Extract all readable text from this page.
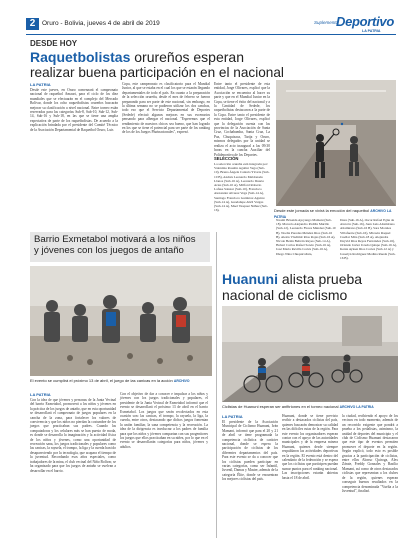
2	Oruro - Bolivia, jueves 4 de abril de 2019	Suplemento
Deportivo
LA PATRIA
DESDE HOY
Raquetbolistas orureños esperan
realizar buena participación en el nacional
LA PATRIA
Desde este jueves, en Oruro comenzará el campeonato nacional de raquetbol Amauri, para el ciclo de los diez mundiales que se efectuarán en el complejo del Mercado Bolívar, donde los ocho raquetbolistas orureños buscarán mejorar su clasificación a nivel nacional. Entre torneo están reservadas para las categorías Sub-8, Sub-10, Sub-12, Sub-14, Sub-16 y Sub-18, en las que se tiene una amplia expectativa de parte de los raquetbolistas. De acuerdo a la explicación brindada por el presidente del Comité Técnico de la Asociación Departamental de Raquetbol Oruro, Luis
Copa, este campeonato es clasificatorio para el Mundial Junior, al que se estaba en el cual los que se estarán llegando departamentales de todo el país. En cuanto a la preparación de la selección orureña, desde el mes de febrero se fueron preparando para ser parte de este nacional, sin embargo, en la última semana no se pudieron utilizar los dos canchas, todo eso que el Servicio Departamental de Deportes (Sedede) efectuó algunos mejoras en sus escenarios pensando para albergar el nacional. "Esperemos que el rendimiento de nuestros chicos sea bueno, que han logrado en los que se tiene el potencial para ser parte de los ranking de los de los Juegos Plurinacionales", expresó.
Entre tanto el presidente de esta entidad, Jorge Olivares, explicó que la Asociación se encuentra al hacer su parte y que en el Mundial Junior en la Copa, se tiene el éxito del nacional y a la Cantidad de Sedede, los raquetbolistas destacaron a la parte de la Copa. Entre tanto el presidente de esta entidad, Jorge Olivares, explicó que la delegación cuenta con las provincias de la Asociación de Santa Cruz, Cochabamba, Santa Cruz, La Paz, Chuquisaca, Tarija y Oruro, mismos delegados por la unidad se realiza el acto inaugural a las 09:30 horas en la cancha Auxiliar del Polideportivo de los Deportes.
Desde este jornada se vivirá la emoción del raquetbol ARCHIVO LA PATRIA
SELECCIÓN
La selección orureña está integrada por: Valentina Rosalín Aguilar Vega (Sub-10), Bruna Ángela Cantalo Ylcarte (Sub-10 B), Andrés Leonardo Maldonado Llanos (Sub-16 A), Leonardo Duarte Arias (Sub-10 A), Milford Roberto Lafuse Salazar (Sub-10), Francisco Alexander Alvarez Vega (Sub-14 A), Santiago Francisco Gutiérrez Aguirre (Sub-14 A), Guadalupe Abril Vargas (Sub-14 A), Mael Vasquez Núñez (Sub-16),
Naomí Briseida Ajoyango Mamani (Sub-18). Marcelo Alejandro Padilla Murillo (Sub-12), Leonardo Flores Méndez (Sub-10 B), Noelia Paredes Méndez Ríos (Sub-16 B), Alexis Vladimir Ríos Rojas (Sub-16 A), Nicole Belén Beltrán Reyes (Sub-14 A), Hebert Carlos Rafael Sotelo (Sub-16 A), José María Revilla Cortés (Sub-16 A), Diego Nina Chuquicallata,
Daza (Sub-16 A), Oscar Rafael Egüe de Alarcón (Sub-16), Juan Luis Altamirano Altamirano (Sub-16 B), Sara Morales Villafuerte (Sub-16), Micaela Raquel Cuellar Mira (Sub-18 A), Alejandra Dayvid Rios Reyes Fernández (Sub-16), Orlando Javier Uzeda Quispe (Sub-16 A), Kenia Ayleen Rios Cortez (Sub-12 A) y Josselyn Rodríguez Medina Rueda (Sub-16 B).
Barrio Exmetabol motivará a los niños
y jóvenes con los juegos de antaño
El evento se cumplirá el próximo 13 de abril, el juego de las canicas en la acción ARCHIVO
LA PATRIA
Con la idea de que jóvenes y personas de la Junta Vecinal del barrio Exmetabol, promoverá a los niños y jóvenes en la práctica de los juegos de antaño, que en esta oportunidad se desarrollará el campeonato de juegos populares en la cancha de la zona, para fortalecer los valores de convivencia y que los niños no pierdan la costumbre de los juegos que practicaban sus padres. Cuando las computadoras y los celulares más se han puesto de moda, es donde se desarrolla la imaginación y la actividad física de los niños y jóvenes, como una oportunidad de recreación sana, los juegos tradicionales y populares como las canicas, la rayuela, el trompo, la liga y la cuerda han ido desapareciendo por la tecnología, que acapara el tiempo de la juventud. Recordando esos años especiales, como trabajadores de la mina, el club vecinal del Niño Bolívar, se ha organizado para que los juegos de antaño se vuelvan a desarrollar en el barrio.
Con el objetivo de dar a conocer e impulsar a los niños y jóvenes con los juegos tradicionales y populares, el presidente de la Junta Vecinal de Exmetabol informó que el evento se desarrollará el próximo 13 de abril en el barrio Exmetabol. Los juegos que serán recolectados en esta ocasión son: las canicas, el trompo, la rayuela, la liga, la cuerda, entre otros, destacando que dichos juegos fomentan la unión familiar, la sana competencia y la recreación. La idea de la dirigencia es involucrar a los padres de familia para que los niños y jóvenes compartan con sus progenitores los juegos que ellos practicaban en su niñez, por lo que en el evento se desarrollarán categorías para niños, jóvenes y adultos.
Huanuni alista prueba
nacional de ciclismo
Ciclistas de Huanuni esperan ser anfitriones en el torneo nacional ARCHIVO LA PATRIA
LA PATRIA
El presidente de la Asociación Municipal de Ciclismo Huanuni, Iván Mamani, informó que para el 20 y 21 de abril se tiene programada la competencia ciclística de carácter nacional, donde se espera la participación de ciclistas de los diferentes departamentos del país. Para este evento se da a conocer que los ciclistas pueden participar en varias categorías, como ser Infantil, Juvenil, Damas y Master, además de la categoría Élite, donde se encuentran los mejores ciclistas del país.
Huanuni, donde se tiene previsto recibir a destacados ciclistas del país, quienes buscarán demostrar su calidad en las difíciles rutas de la región. Para este evento los organizadores esperan contar con el apoyo de las autoridades municipales y de la empresa minera Huanuni, quienes desde siempre respaldaron las actividades deportivas en la región. El evento está dentro del calendario de la federación y se espera que los ciclistas que participen puedan sumar puntos para el ranking nacional. Las inscripciones estarán abiertas hasta el 18 de abril.
la ciudad, recibiendo el apoyo de los vecinos en todo momento, además de un recorrido exigente que pondrá a prueba a los pedalistas, asimismo, la unidad de deportes del municipio y el club de Ciclismo Huanuni destacaron que este tipo de eventos permiten promover el deporte en la región. Según explicó, todo esto es posible gracias a la participación de ciclistas, entre ellos Alonso Quiroga, Alex Zárate, Freddy Gonzales y Basilio Mamani, así como de otros destacados ciclistas que representan a los clubes de la región, quienes esperan conseguir buenos resultados en la competencia denominada "Vuelta a la Juventud", finalizó.
